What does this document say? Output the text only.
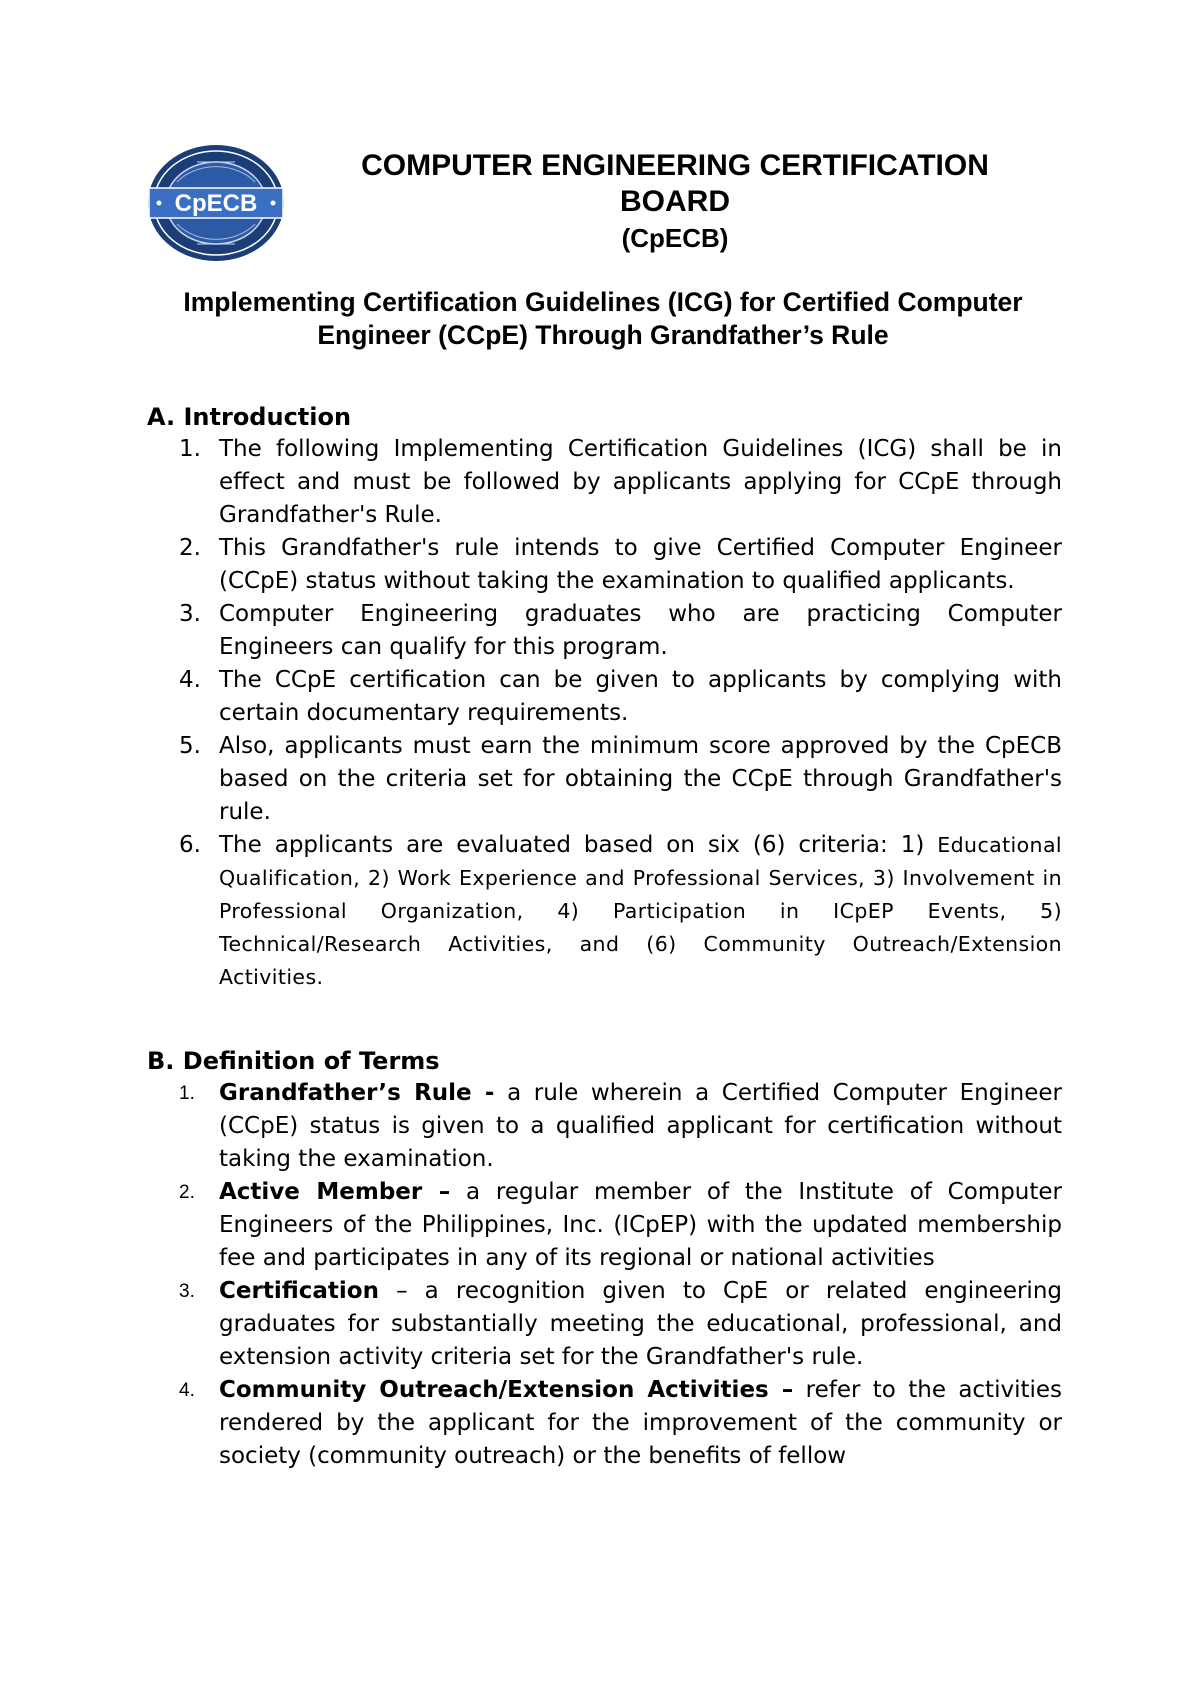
CpECB
COMPUTER ENGINEERING CERTIFICATION
BOARD
(CpECB)
Implementing Certification Guidelines (ICG) for Certified Computer
Engineer (CCpE) Through Grandfather’s Rule
A. Introduction
1. The following Implementing Certification Guidelines (ICG) shall be in effect and must be followed by applicants applying for CCpE through Grandfather's Rule.
2. This Grandfather's rule intends to give Certified Computer Engineer (CCpE) status without taking the examination to qualified applicants.
3. Computer Engineering graduates who are practicing Computer Engineers can qualify for this program.
4. The CCpE certification can be given to applicants by complying with certain documentary requirements.
5. Also, applicants must earn the minimum score approved by the CpECB based on the criteria set for obtaining the CCpE through Grandfather's rule.
6. The applicants are evaluated based on six (6) criteria: 1) Educational Qualification, 2) Work Experience and Professional Services, 3) Involvement in Professional Organization, 4) Participation in ICpEP Events, 5) Technical/Research Activities, and (6) Community Outreach/Extension Activities.
B. Definition of Terms
1.	Grandfather’s Rule - a rule wherein a Certified Computer Engineer (CCpE) status is given to a qualified applicant for certification without taking the examination.
2.	Active Member – a regular member of the Institute of Computer Engineers of the Philippines, Inc. (ICpEP) with the updated membership fee and participates in any of its regional or national activities
3.	Certification – a recognition given to CpE or related engineering graduates for substantially meeting the educational, professional, and extension activity criteria set for the Grandfather's rule.
4.	Community Outreach/Extension Activities – refer to the activities rendered by the applicant for the improvement of the community or society (community outreach) or the benefits of fellow
